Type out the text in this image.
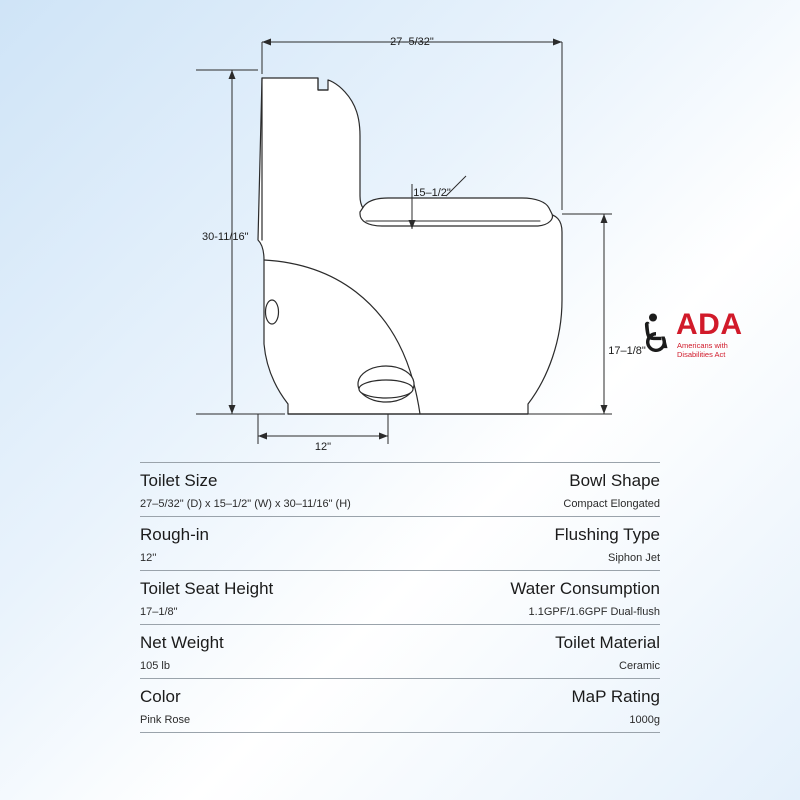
27–5/32"
30-11/16"
15–1/2"
17–1/8"
12"
ADA
Americans with Disabilities Act
Toilet Size	Bowl Shape
27–5/32" (D) x 15–1/2" (W) x 30–11/16" (H)	Compact Elongated
Rough-in	Flushing Type
12''	Siphon Jet
Toilet Seat Height	Water Consumption
17–1/8"	1.1GPF/1.6GPF Dual-flush
Net Weight	Toilet Material
105 lb	Ceramic
Color	MaP Rating
Pink Rose	1000g
